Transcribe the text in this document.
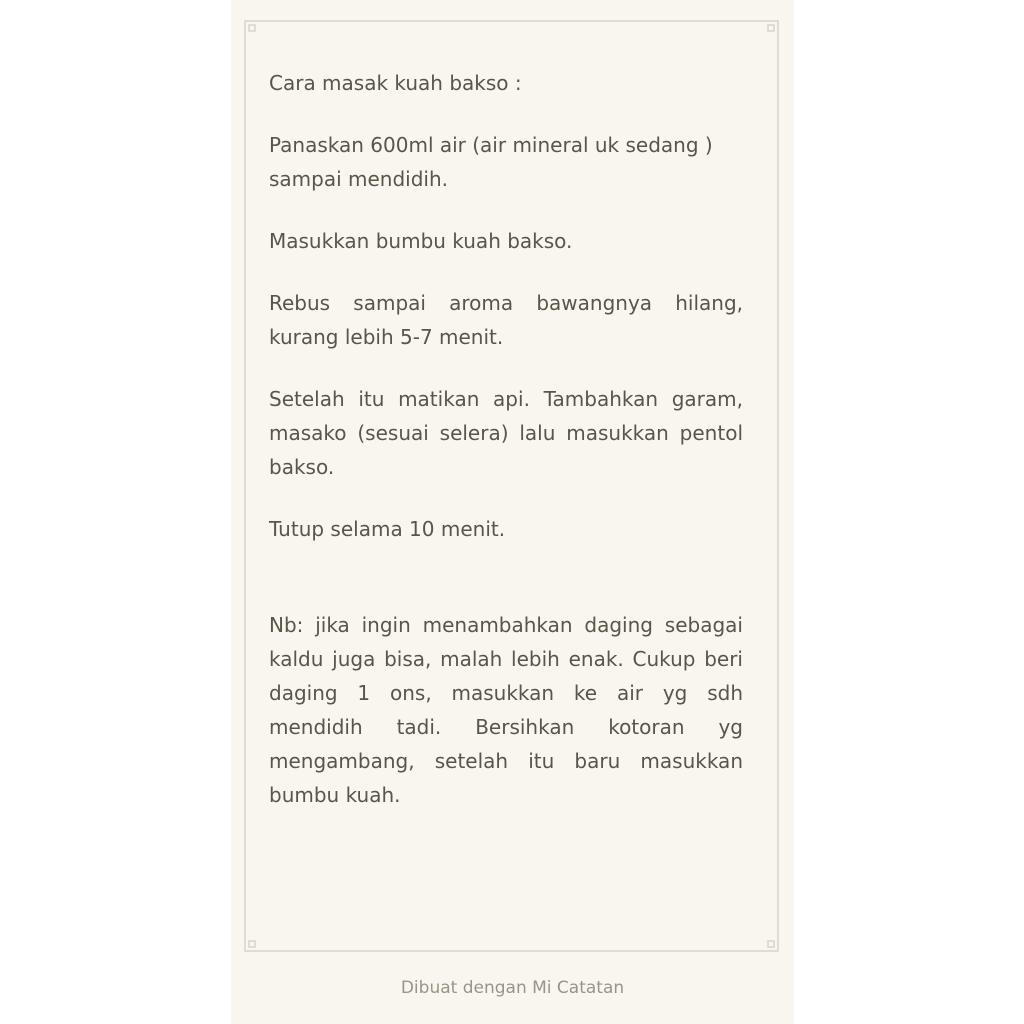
Cara masak kuah bakso :

Panaskan 600ml air (air mineral uk sedang )
sampai mendidih.

Masukkan bumbu kuah bakso.

Rebus sampai aroma bawangnya hilang, kurang lebih 5-7 menit.

Setelah itu matikan api. Tambahkan garam, masako (sesuai selera) lalu masukkan pentol bakso.

Tutup selama 10 menit.

Nb: jika ingin menambahkan daging sebagai kaldu juga bisa, malah lebih enak. Cukup beri daging 1 ons, masukkan ke air yg sdh mendidih tadi. Bersihkan kotoran yg mengambang, setelah itu baru masukkan bumbu kuah.

Dibuat dengan Mi Catatan
